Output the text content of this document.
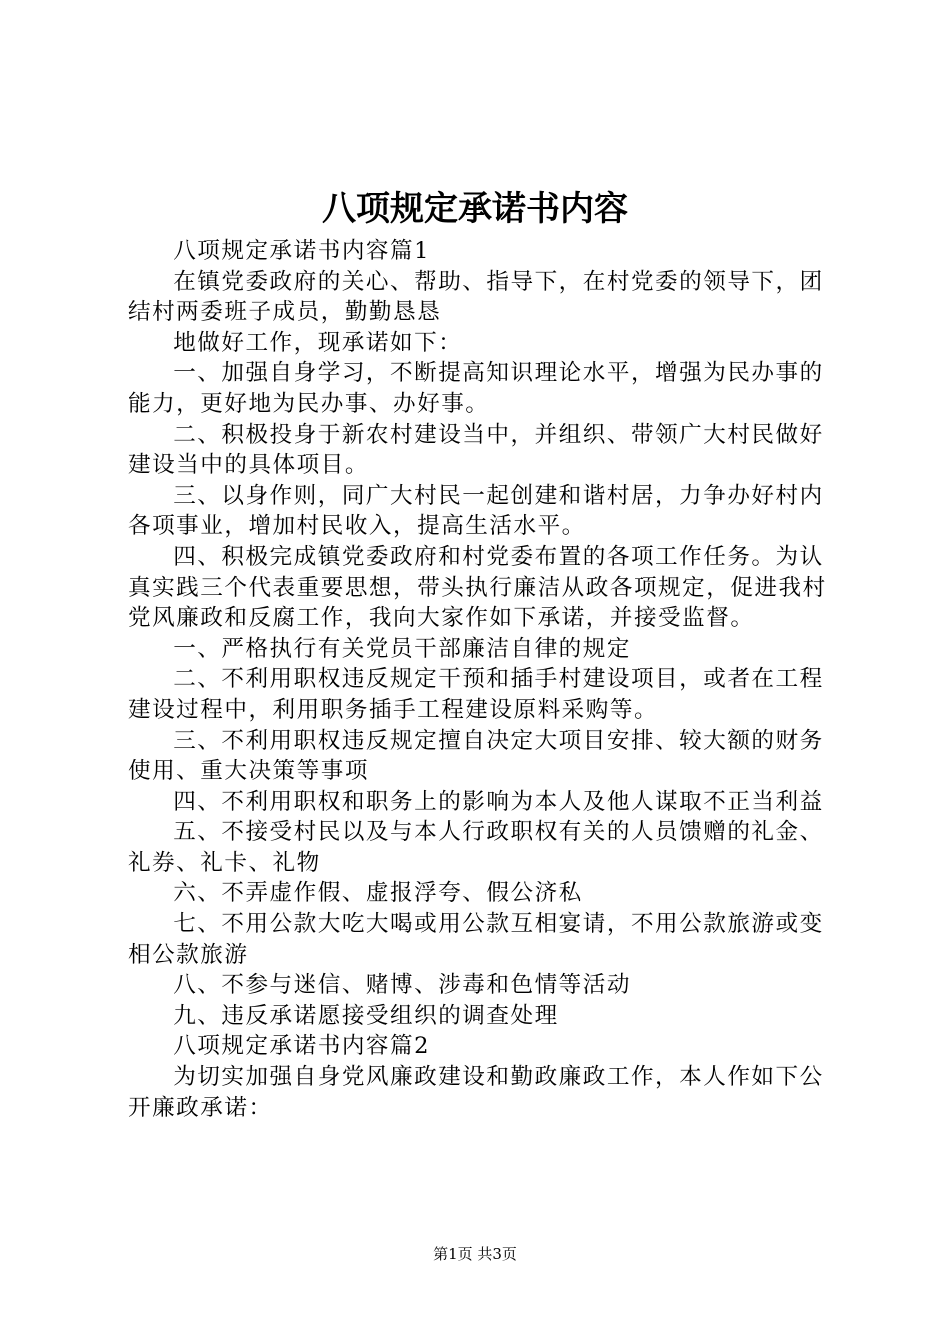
八项规定承诺书内容

八项规定承诺书内容篇1

在镇党委政府的关心、帮助、指导下，在村党委的领导下，团结村两委班子成员，勤勤恳恳

地做好工作，现承诺如下：

一、加强自身学习，不断提高知识理论水平，增强为民办事的能力，更好地为民办事、办好事。

二、积极投身于新农村建设当中，并组织、带领广大村民做好建设当中的具体项目。

三、以身作则，同广大村民一起创建和谐村居，力争办好村内各项事业，增加村民收入，提高生活水平。

四、积极完成镇党委政府和村党委布置的各项工作任务。为认真实践三个代表重要思想，带头执行廉洁从政各项规定，促进我村党风廉政和反腐工作，我向大家作如下承诺，并接受监督。

一、严格执行有关党员干部廉洁自律的规定

二、不利用职权违反规定干预和插手村建设项目，或者在工程建设过程中，利用职务插手工程建设原料采购等。

三、不利用职权违反规定擅自决定大项目安排、较大额的财务使用、重大决策等事项

四、不利用职权和职务上的影响为本人及他人谋取不正当利益

五、不接受村民以及与本人行政职权有关的人员馈赠的礼金、礼券、礼卡、礼物

六、不弄虚作假、虚报浮夸、假公济私

七、不用公款大吃大喝或用公款互相宴请，不用公款旅游或变相公款旅游

八、不参与迷信、赌博、涉毒和色情等活动

九、违反承诺愿接受组织的调查处理

八项规定承诺书内容篇2

为切实加强自身党风廉政建设和勤政廉政工作，本人作如下公开廉政承诺：

第1页 共3页
